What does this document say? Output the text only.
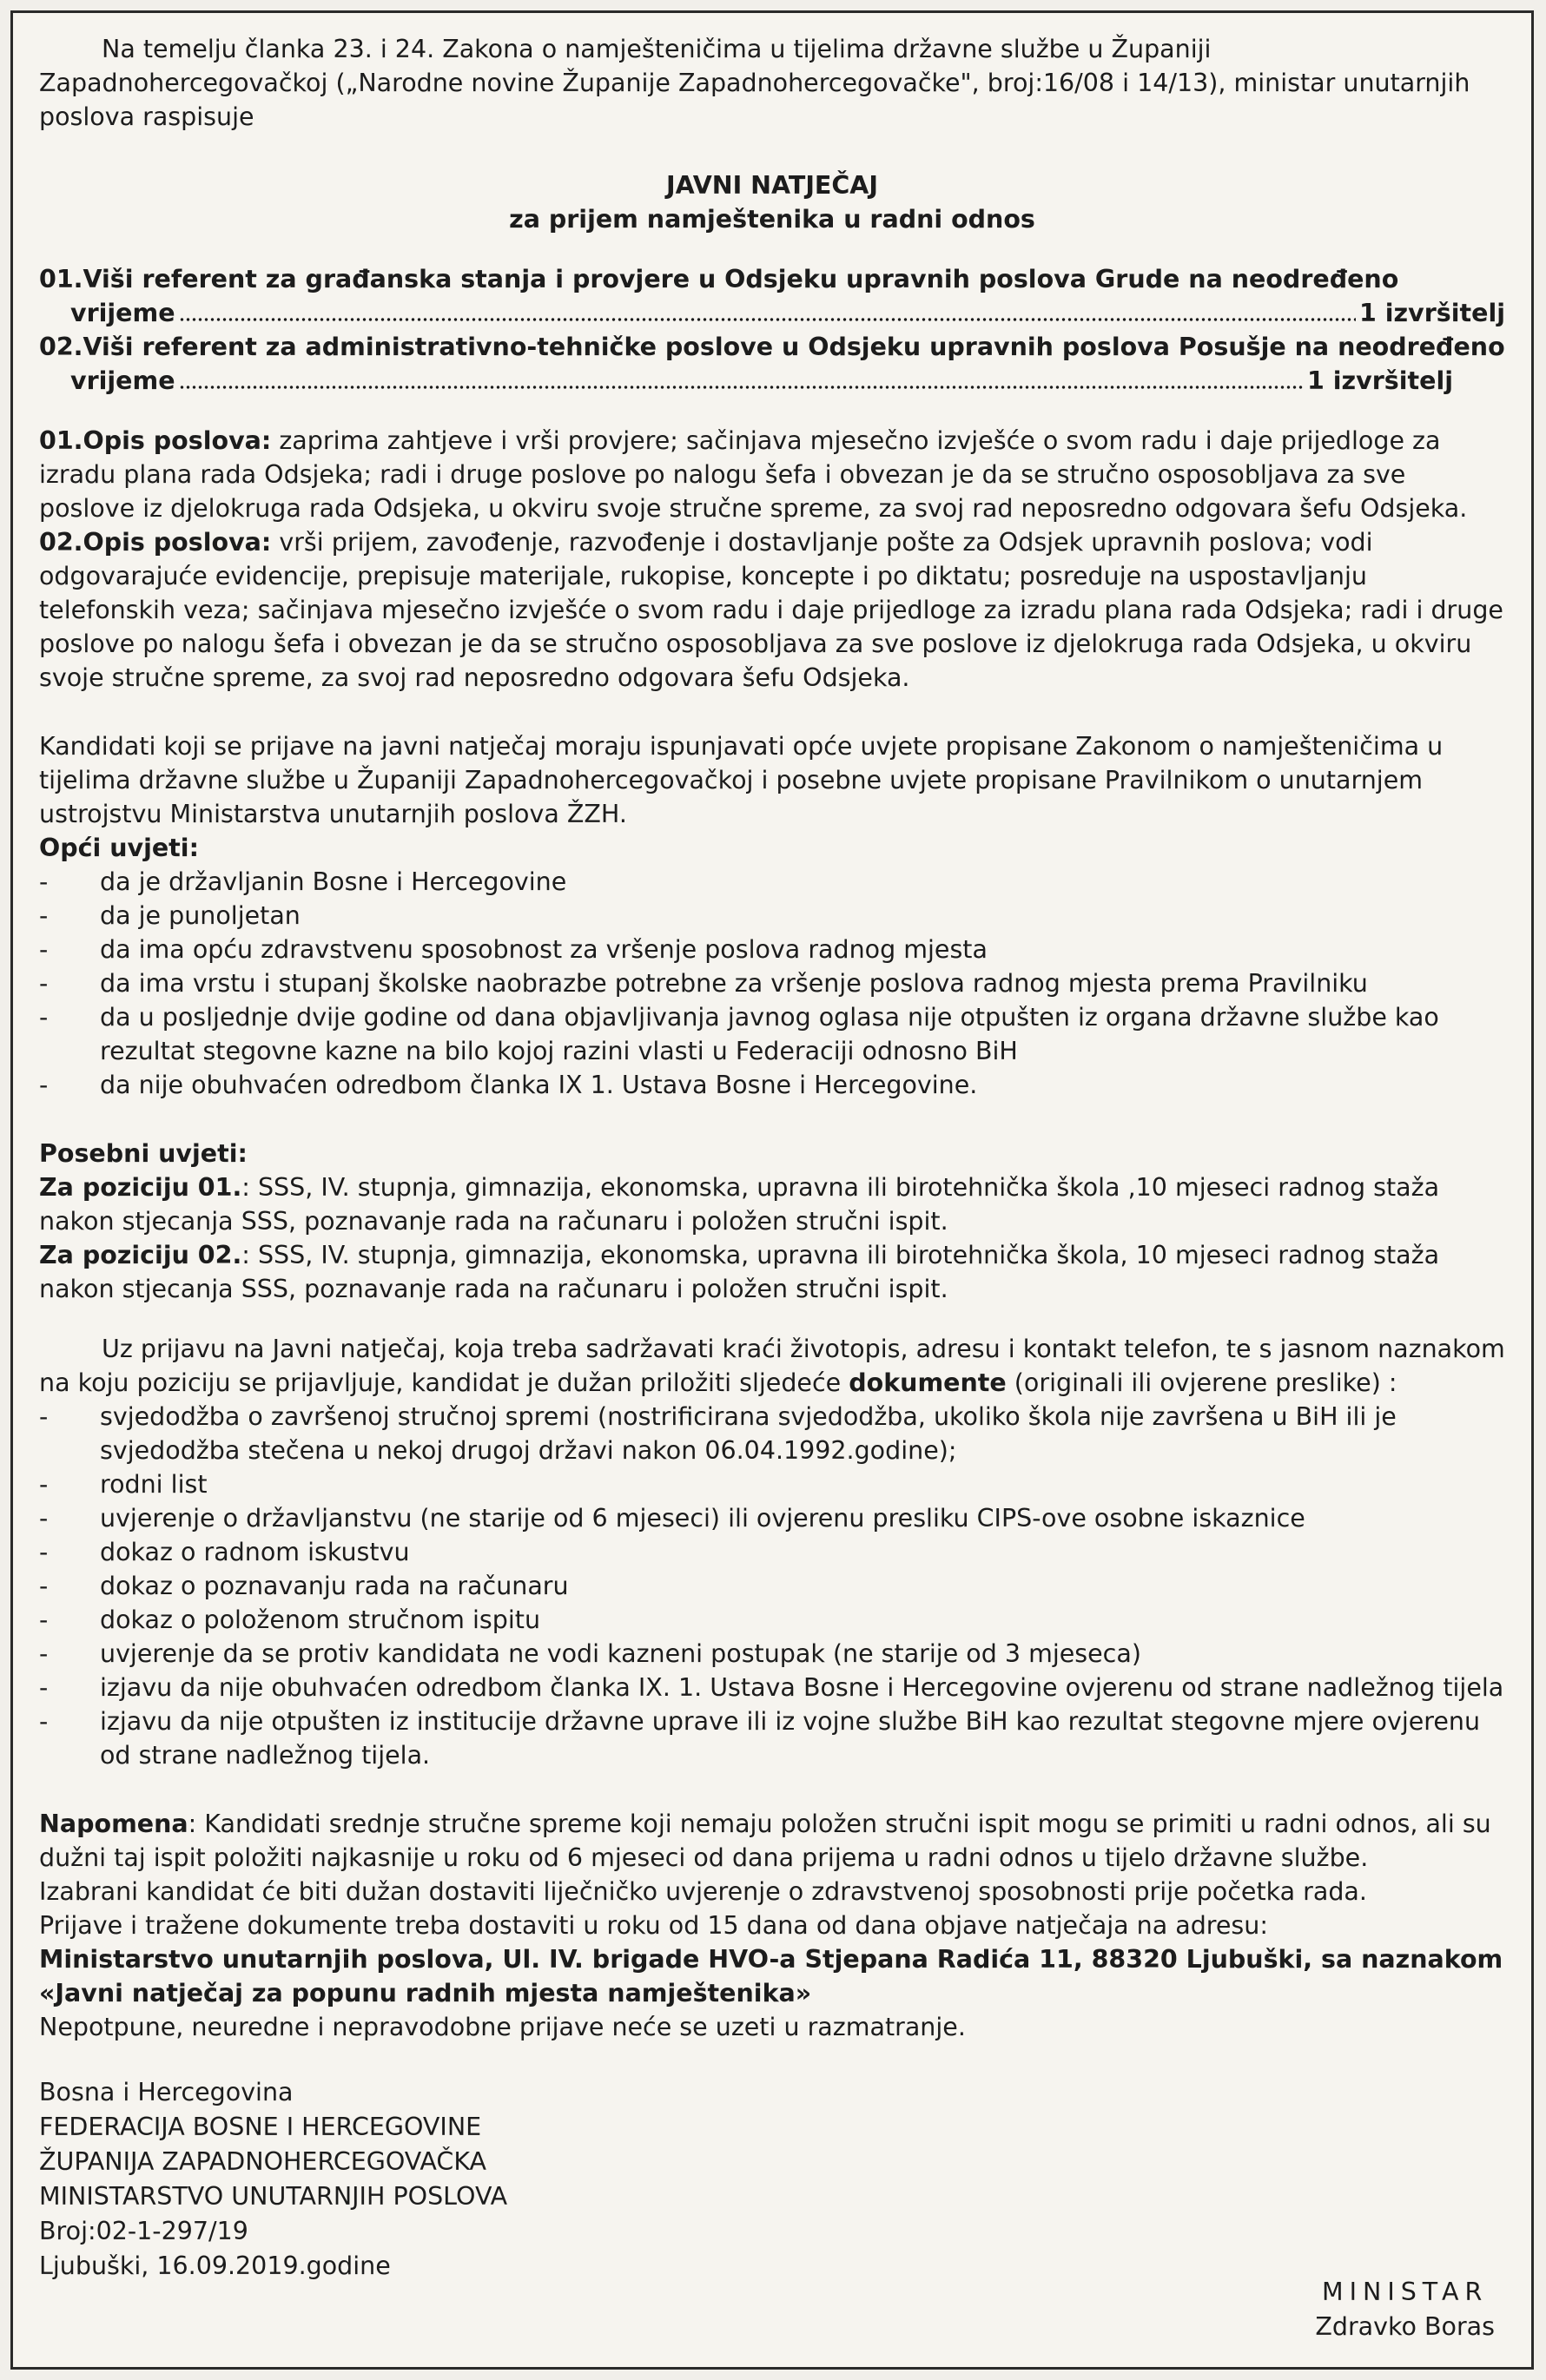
Na temelju članka 23. i 24. Zakona o namješteničima u tijelima državne službe u Županiji Zapadnohercegovačkoj („Narodne novine Županije Zapadnohercegovačke", broj:16/08 i 14/13), ministar unutarnjih poslova raspisuje

JAVNI NATJEČAJ

za prijem namještenika u radni odnos

01.Viši referent za građanska stanja i provjere u Odsjeku upravnih poslova Grude na neodređeno

vrijeme	1 izvršitelj

02.Viši referent za administrativno-tehničke poslove u Odsjeku upravnih poslova Posušje na neodređeno

vrijeme	1 izvršitelj

01.Opis poslova: zaprima zahtjeve i vrši provjere; sačinjava mjesečno izvješće o svom radu i daje prijedloge za izradu plana rada Odsjeka; radi i druge poslove po nalogu šefa i obvezan je da se stručno osposobljava za sve poslove iz djelokruga rada Odsjeka, u okviru svoje stručne spreme, za svoj rad neposredno odgovara šefu Odsjeka.

02.Opis poslova: vrši prijem, zavođenje, razvođenje i dostavljanje pošte za Odsjek upravnih poslova; vodi odgovarajuće evidencije, prepisuje materijale, rukopise, koncepte i po diktatu; posreduje na uspostavljanju telefonskih veza; sačinjava mjesečno izvješće o svom radu i daje prijedloge za izradu plana rada Odsjeka; radi i druge poslove po nalogu šefa i obvezan je da se stručno osposobljava za sve poslove iz djelokruga rada Odsjeka, u okviru svoje stručne spreme, za svoj rad neposredno odgovara šefu Odsjeka.

Kandidati koji se prijave na javni natječaj moraju ispunjavati opće uvjete propisane Zakonom o namješteničima u tijelima državne službe u Županiji Zapadnohercegovačkoj i posebne uvjete propisane Pravilnikom o unutarnjem ustrojstvu Ministarstva unutarnjih poslova ŽZH.

Opći uvjeti:

-	da je državljanin Bosne i Hercegovine
-	da je punoljetan
-	da ima opću zdravstvenu sposobnost za vršenje poslova radnog mjesta
-	da ima vrstu i stupanj školske naobrazbe potrebne za vršenje poslova radnog mjesta prema Pravilniku
-	da u posljednje dvije godine od dana objavljivanja javnog oglasa nije otpušten iz organa državne službe kao rezultat stegovne kazne na bilo kojoj razini vlasti u Federaciji odnosno BiH
-	da nije obuhvaćen odredbom članka IX 1. Ustava Bosne i Hercegovine.

Posebni uvjeti:

Za poziciju 01.: SSS, IV. stupnja, gimnazija, ekonomska, upravna ili birotehnička škola ,10 mjeseci radnog staža nakon stjecanja SSS, poznavanje rada na računaru i položen stručni ispit.

Za poziciju 02.: SSS, IV. stupnja, gimnazija, ekonomska, upravna ili birotehnička škola, 10 mjeseci radnog staža nakon stjecanja SSS, poznavanje rada na računaru i položen stručni ispit.

Uz prijavu na Javni natječaj, koja treba sadržavati kraći životopis, adresu i kontakt telefon, te s jasnom naznakom na koju poziciju se prijavljuje, kandidat je dužan priložiti sljedeće dokumente (originali ili ovjerene preslike) :

-	svjedodžba o završenoj stručnoj spremi (nostrificirana svjedodžba, ukoliko škola nije završena u BiH ili je svjedodžba stečena u nekoj drugoj državi nakon 06.04.1992.godine);
-	rodni list
-	uvjerenje o državljanstvu (ne starije od 6 mjeseci) ili ovjerenu presliku CIPS-ove osobne iskaznice
-	dokaz o radnom iskustvu
-	dokaz o poznavanju rada na računaru
-	dokaz o položenom stručnom ispitu
-	uvjerenje da se protiv kandidata ne vodi kazneni postupak (ne starije od 3 mjeseca)
-	izjavu da nije obuhvaćen odredbom članka IX. 1. Ustava Bosne i Hercegovine ovjerenu od strane nadležnog tijela
-	izjavu da nije otpušten iz institucije državne uprave ili iz vojne službe BiH kao rezultat stegovne mjere ovjerenu od strane nadležnog tijela.

Napomena: Kandidati srednje stručne spreme koji nemaju položen stručni ispit mogu se primiti u radni odnos, ali su dužni taj ispit položiti najkasnije u roku od 6 mjeseci od dana prijema u radni odnos u tijelo državne službe.

Izabrani kandidat će biti dužan dostaviti liječničko uvjerenje o zdravstvenoj sposobnosti prije početka rada.

Prijave i tražene dokumente treba dostaviti u roku od 15 dana od dana objave natječaja na adresu:

Ministarstvo unutarnjih poslova, Ul. IV. brigade HVO-a Stjepana Radića 11, 88320 Ljubuški, sa naznakom «Javni natječaj za popunu radnih mjesta namještenika»

Nepotpune, neuredne i nepravodobne prijave neće se uzeti u razmatranje.

Bosna i Hercegovina

FEDERACIJA BOSNE I HERCEGOVINE

ŽUPANIJA ZAPADNOHERCEGOVAČKA

MINISTARSTVO UNUTARNJIH POSLOVA

Broj:02-1-297/19

Ljubuški, 16.09.2019.godine

MINISTAR

Zdravko Boras
